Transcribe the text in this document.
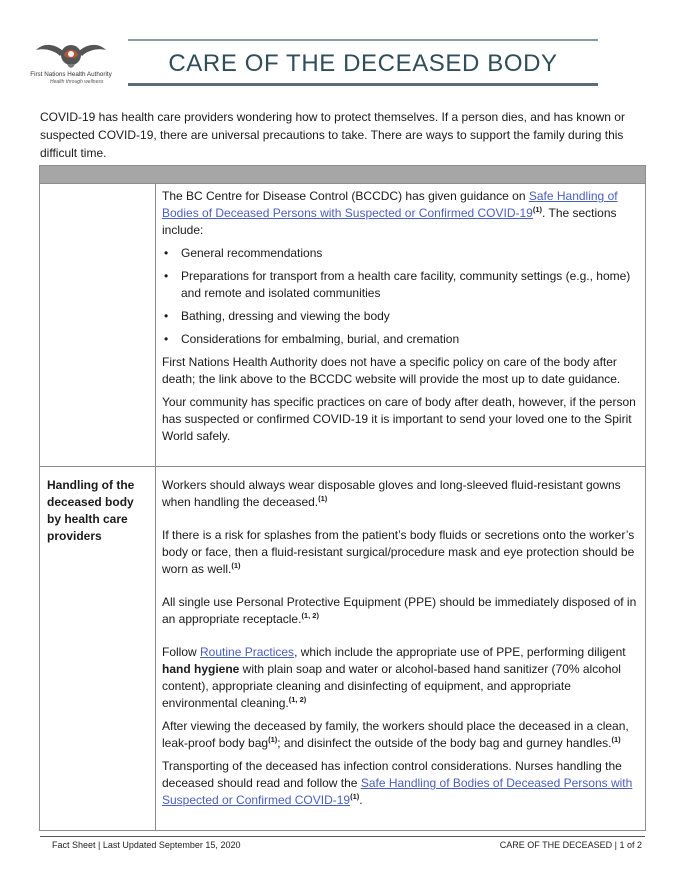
First Nations Health Authority
Health through wellness
CARE OF THE DECEASED BODY

COVID-19 has health care providers wondering how to protect themselves. If a person dies, and has known or suspected COVID-19, there are universal precautions to take. There are ways to support the family during this difficult time.

The BC Centre for Disease Control (BCCDC) has given guidance on Safe Handling of Bodies of Deceased Persons with Suspected or Confirmed COVID-19$^{(1)}$. The sections include:

• General recommendations
• Preparations for transport from a health care facility, community settings (e.g., home) and remote and isolated communities
• Bathing, dressing and viewing the body
• Considerations for embalming, burial, and cremation

First Nations Health Authority does not have a specific policy on care of the body after death; the link above to the BCCDC website will provide the most up to date guidance.

Your community has specific practices on care of body after death, however, if the person has suspected or confirmed COVID-19 it is important to send your loved one to the Spirit World safely.

Handling of the deceased body by health care providers

Workers should always wear disposable gloves and long-sleeved fluid-resistant gowns when handling the deceased.$^{(1)}$

If there is a risk for splashes from the patient’s body fluids or secretions onto the worker’s body or face, then a fluid-resistant surgical/procedure mask and eye protection should be worn as well.$^{(1)}$

All single use Personal Protective Equipment (PPE) should be immediately disposed of in an appropriate receptacle.$^{(1, 2)}$

Follow Routine Practices, which include the appropriate use of PPE, performing diligent hand hygiene with plain soap and water or alcohol-based hand sanitizer (70% alcohol content), appropriate cleaning and disinfecting of equipment, and appropriate environmental cleaning.$^{(1, 2)}$

After viewing the deceased by family, the workers should place the deceased in a clean, leak-proof body bag$^{(1)}$; and disinfect the outside of the body bag and gurney handles.$^{(1)}$

Transporting of the deceased has infection control considerations. Nurses handling the deceased should read and follow the Safe Handling of Bodies of Deceased Persons with Suspected or Confirmed COVID-19$^{(1)}$.

Fact Sheet | Last Updated September 15, 2020	CARE OF THE DECEASED | 1 of 2
